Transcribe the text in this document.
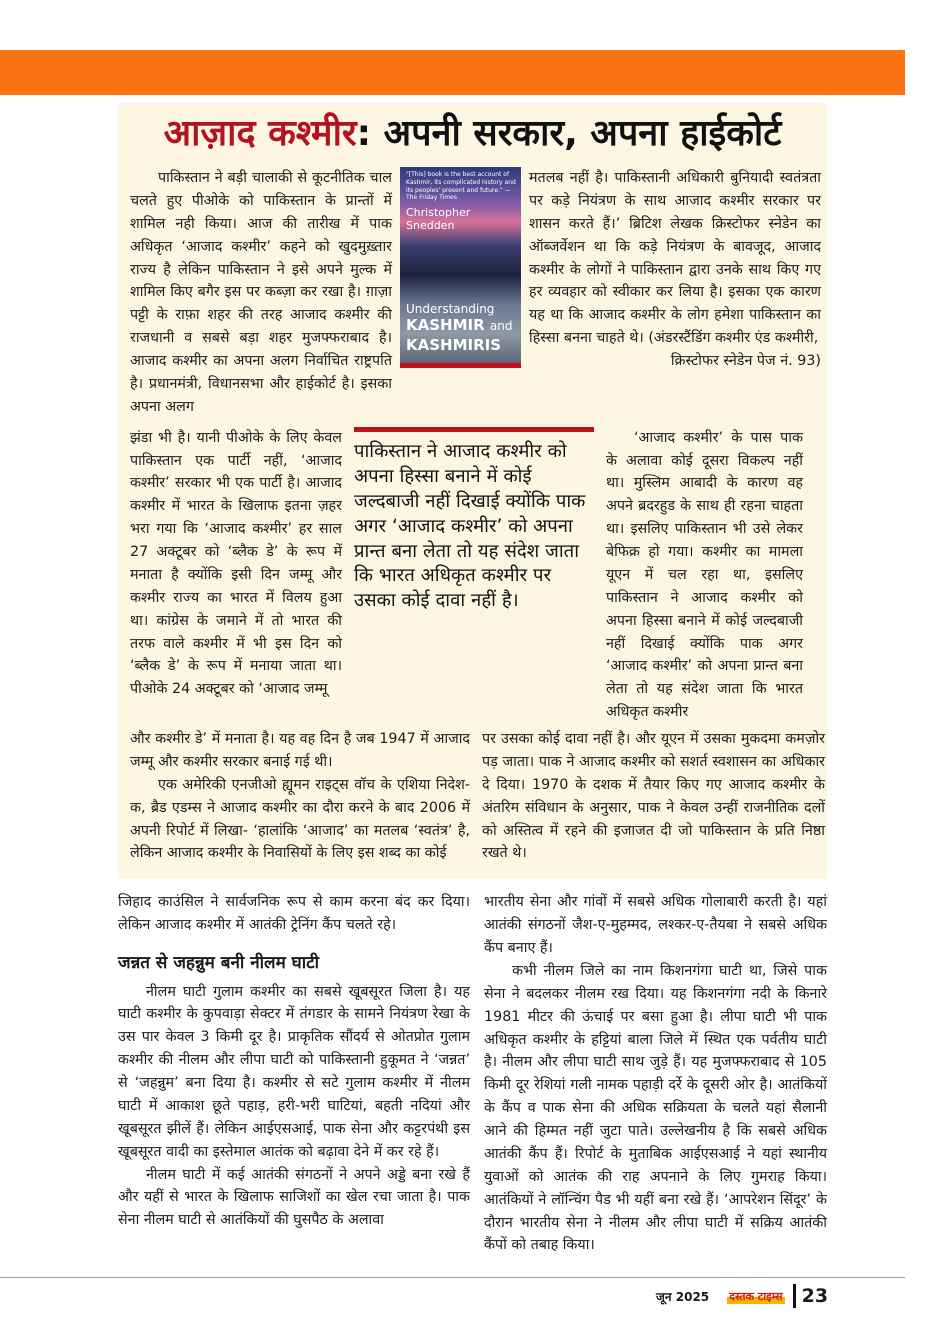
आज़ाद कश्मीर: अपनी सरकार, अपना हाईकोर्ट

पाकिस्तान ने बड़ी चालाकी से कूटनीतिक चाल चलते हुए पीओके को पाकिस्तान के प्रान्तों में शामिल नही किया। आज की तारीख में पाक अधिकृत ‘आजाद कश्मीर’ कहने को खुदमुख़्तार राज्य है लेकिन पाकिस्तान ने इसे अपने मुल्क में शामिल किए बगैर इस पर कब्ज़ा कर रखा है। ग़ाज़ा पट्टी के राफ़ा शहर की तरह आजाद कश्मीर की राजधानी व सबसे बड़ा शहर मुजफ्फराबाद है। आजाद कश्मीर का अपना अलग निर्वाचित राष्ट्रपति है। प्रधानमंत्री, विधानसभा और हाईकोर्ट है। इसका अपना अलग

"[This] book is the best account of Kashmir, its complicated history and its peoples' present and future." — The Friday Times
Christopher Snedden
Understanding
KASHMIR and
KASHMIRIS

मतलब नहीं है। पाकिस्तानी अधिकारी बुनियादी स्वतंत्रता पर कड़े नियंत्रण के साथ आजाद कश्मीर सरकार पर शासन करते हैं।’ ब्रिटिश लेखक क्रिस्टोफर स्नेडेन का ऑब्जर्वेशन था कि कड़े नियंत्रण के बावजूद, आजाद कश्मीर के लोगों ने पाकिस्तान द्वारा उनके साथ किए गए हर व्यवहार को स्वीकार कर लिया है। इसका एक कारण यह था कि आजाद कश्मीर के लोग हमेशा पाकिस्तान का हिस्सा बनना चाहते थे। (अंडरस्टैंडिंग कश्मीर एंड कश्मीरी,

क्रिस्टोफर स्नेडेन पेज नं. 93)

झंडा भी है। यानी पीओके के लिए केवल पाकिस्तान एक पार्टी नहीं, ‘आजाद कश्मीर’ सरकार भी एक पार्टी है। आजाद कश्मीर में भारत के खिलाफ इतना ज़हर भरा गया कि ‘आजाद कश्मीर’ हर साल 27 अक्टूबर को ‘ब्लैक डे’ के रूप में मनाता है क्योंकि इसी दिन जम्मू और कश्मीर राज्य का भारत में विलय हुआ था। कांग्रेस के जमाने में तो भारत की तरफ वाले कश्मीर में भी इस दिन को ‘ब्लैक डे’ के रूप में मनाया जाता था। पीओके 24 अक्टूबर को ‘आजाद जम्मू

पाकिस्तान ने आजाद कश्मीर को अपना हिस्सा बनाने में कोई जल्दबाजी नहीं दिखाई क्योंकि पाक अगर ‘आजाद कश्मीर’ को अपना प्रान्त बना लेता तो यह संदेश जाता कि भारत अधिकृत कश्मीर पर उसका कोई दावा नहीं है।

‘आजाद कश्मीर’ के पास पाक के अलावा कोई दूसरा विकल्प नहीं था। मुस्लिम आबादी के कारण वह अपने ब्रदरहुड के साथ ही रहना चाहता था। इसलिए पाकिस्तान भी उसे लेकर बेफिक्र हो गया। कश्मीर का मामला यूएन में चल रहा था, इसलिए पाकिस्तान ने आजाद कश्मीर को अपना हिस्सा बनाने में कोई जल्दबाजी नहीं दिखाई क्योंकि पाक अगर ‘आजाद कश्मीर’ को अपना प्रान्त बना लेता तो यह संदेश जाता कि भारत अधिकृत कश्मीर

और कश्मीर डे’ में मनाता है। यह वह दिन है जब 1947 में आजाद जम्मू और कश्मीर सरकार बनाई गई थी।

एक अमेरिकी एनजीओ ह्यूमन राइट्स वॉच के एशिया निदेश-क, ब्रैड एडम्स ने आजाद कश्मीर का दौरा करने के बाद 2006 में अपनी रिपोर्ट में लिखा- ‘हालांकि ‘आजाद’ का मतलब ‘स्वतंत्र’ है, लेकिन आजाद कश्मीर के निवासियों के लिए इस शब्द का कोई

पर उसका कोई दावा नहीं है। और यूएन में उसका मुकदमा कमज़ोर पड़ जाता। पाक ने आजाद कश्मीर को सशर्त स्वशासन का अधिकार दे दिया। 1970 के दशक में तैयार किए गए आजाद कश्मीर के अंतरिम संविधान के अनुसार, पाक ने केवल उन्हीं राजनीतिक दलों को अस्तित्व में रहने की इजाजत दी जो पाकिस्तान के प्रति निष्ठा रखते थे।

जिहाद काउंसिल ने सार्वजनिक रूप से काम करना बंद कर दिया। लेकिन आजाद कश्मीर में आतंकी ट्रेनिंग कैंप चलते रहे।

जन्नत से जहन्नुम बनी नीलम घाटी

नीलम घाटी गुलाम कश्मीर का सबसे खूबसूरत जिला है। यह घाटी कश्मीर के कुपवाड़ा सेक्टर में तंगडार के सामने नियंत्रण रेखा के उस पार केवल 3 किमी दूर है। प्राकृतिक सौंदर्य से ओतप्रोत गुलाम कश्मीर की नीलम और लीपा घाटी को पाकिस्तानी हुकूमत ने ‘जन्नत’ से ‘जहन्नुम’ बना दिया है। कश्मीर से सटे गुलाम कश्मीर में नीलम घाटी में आकाश छूते पहाड़, हरी-भरी घाटियां, बहती नदियां और खूबसूरत झीलें हैं। लेकिन आईएसआई, पाक सेना और कट्टरपंथी इस खूबसूरत वादी का इस्तेमाल आतंक को बढ़ावा देने में कर रहे हैं।

नीलम घाटी में कई आतंकी संगठनों ने अपने अड्डे बना रखे हैं और यहीं से भारत के खिलाफ साजिशों का खेल रचा जाता है। पाक सेना नीलम घाटी से आतंकियों की घुसपैठ के अलावा

भारतीय सेना और गांवों में सबसे अधिक गोलाबारी करती है। यहां आतंकी संगठनों जैश-ए-मुहम्मद, लश्कर-ए-तैयबा ने सबसे अधिक कैंप बनाए हैं।

कभी नीलम जिले का नाम किशनगंगा घाटी था, जिसे पाक सेना ने बदलकर नीलम रख दिया। यह किशनगंगा नदी के किनारे 1981 मीटर की ऊंचाई पर बसा हुआ है। लीपा घाटी भी पाक अधिकृत कश्मीर के हट्टियां बाला जिले में स्थित एक पर्वतीय घाटी है। नीलम और लीपा घाटी साथ जुड़े हैं। यह मुजफ्फराबाद से 105 किमी दूर रेशियां गली नामक पहाड़ी दर्रे के दूसरी ओर है। आतंकियों के कैंप व पाक सेना की अधिक सक्रियता के चलते यहां सैलानी आने की हिम्मत नहीं जुटा पाते। उल्लेखनीय है कि सबसे अधिक आतंकी कैंप हैं। रिपोर्ट के मुताबिक आईएसआई ने यहां स्थानीय युवाओं को आतंक की राह अपनाने के लिए गुमराह किया। आतंकियों ने लॉन्चिंग पैड भी यहीं बना रखे हैं। ‘आपरेशन सिंदूर’ के दौरान भारतीय सेना ने नीलम और लीपा घाटी में सक्रिय आतंकी कैंपों को तबाह किया।

जून 2025 दस्तक टाइम्स 23
